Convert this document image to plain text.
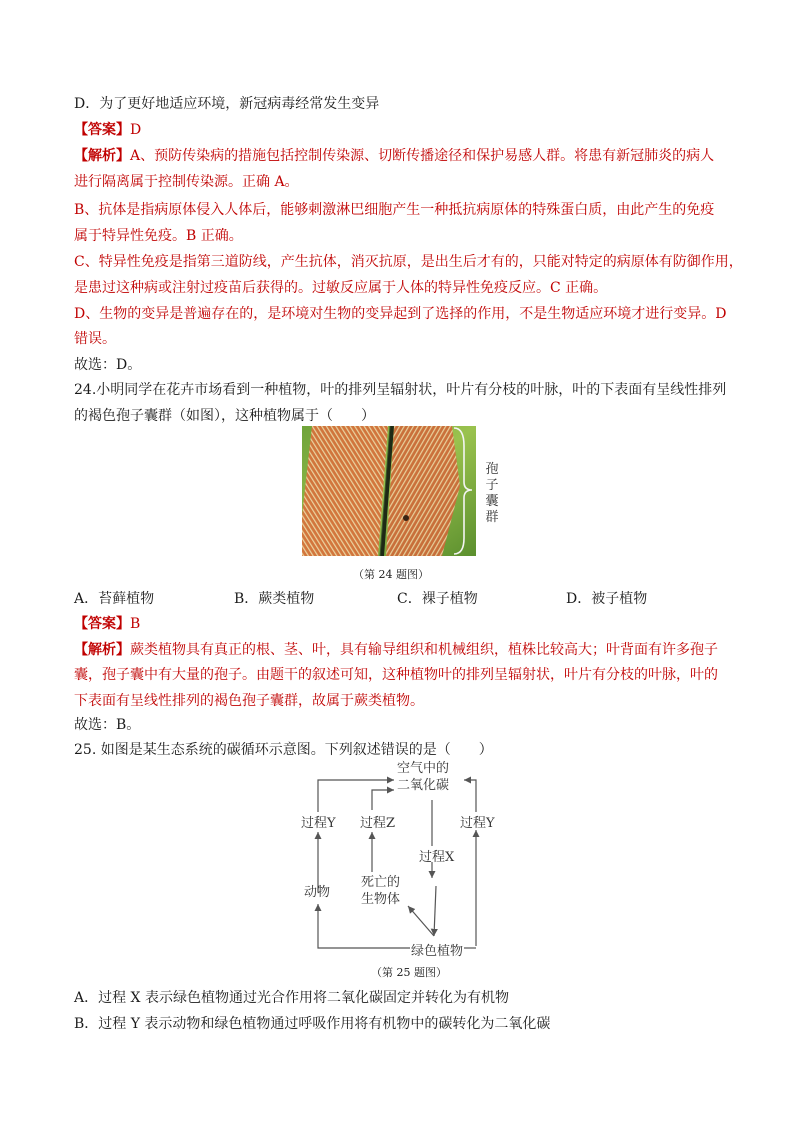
D．为了更好地适应环境，新冠病毒经常发生变异
【答案】D
【解析】A、预防传染病的措施包括控制传染源、切断传播途径和保护易感人群。将患有新冠肺炎的病人
进行隔离属于控制传染源。正确 A。
B、抗体是指病原体侵入人体后，能够刺激淋巴细胞产生一种抵抗病原体的特殊蛋白质，由此产生的免疫
属于特异性免疫。B 正确。
C、特异性免疫是指第三道防线，产生抗体，消灭抗原，是出生后才有的，只能对特定的病原体有防御作用，
是患过这种病或注射过疫苗后获得的。过敏反应属于人体的特异性免疫反应。C 正确。
D、生物的变异是普遍存在的，是环境对生物的变异起到了选择的作用，不是生物适应环境才进行变异。D
错误。
故选：D。
24.小明同学在花卉市场看到一种植物，叶的排列呈辐射状，叶片有分枝的叶脉，叶的下表面有呈线性排列
的褐色孢子囊群（如图），这种植物属于（　　）
孢
子
囊
群
（第 24 题图）
A．苔藓植物	B．蕨类植物	C．裸子植物	D．被子植物
【答案】B
【解析】蕨类植物具有真正的根、茎、叶，具有输导组织和机械组织，植株比较高大；叶背面有许多孢子
囊，孢子囊中有大量的孢子。由题干的叙述可知，这种植物叶的排列呈辐射状，叶片有分枝的叶脉，叶的
下表面有呈线性排列的褐色孢子囊群，故属于蕨类植物。
故选：B。
25. 如图是某生态系统的碳循环示意图。下列叙述错误的是（　　）
空气中的
二氧化碳
过程Y 过程Z	过程Y
过程X
动物
死亡的
生物体
绿色植物
（第 25 题图）
A．过程 X 表示绿色植物通过光合作用将二氧化碳固定并转化为有机物
B．过程 Y 表示动物和绿色植物通过呼吸作用将有机物中的碳转化为二氧化碳
